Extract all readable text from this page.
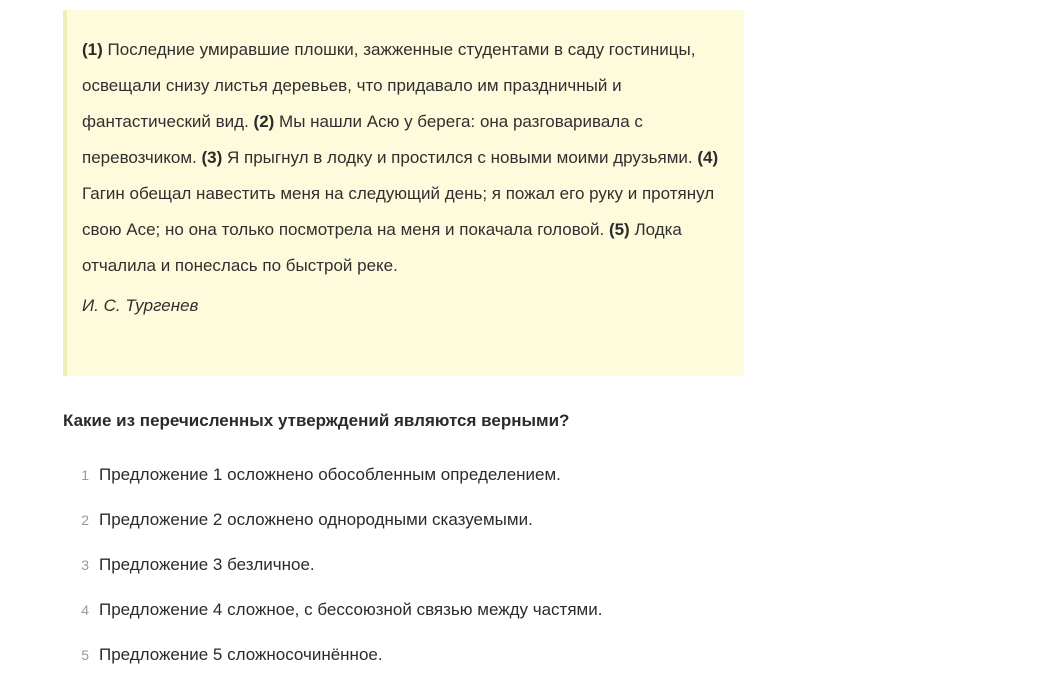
(1) Последние умиравшие плошки, зажженные студентами в саду гостиницы, освещали снизу листья деревьев, что придавало им праздничный и фантастический вид. (2) Мы нашли Асю у берега: она разговаривала с перевозчиком. (3) Я прыгнул в лодку и простился с новыми моими друзьями. (4) Гагин обещал навестить меня на следующий день; я пожал его руку и протянул свою Асе; но она только посмотрела на меня и покачала головой. (5) Лодка отчалила и понеслась по быстрой реке.

И. С. Тургенев
Какие из перечисленных утверждений являются верными?
1 Предложение 1 осложнено обособленным определением.
2 Предложение 2 осложнено однородными сказуемыми.
3 Предложение 3 безличное.
4 Предложение 4 сложное, с бессоюзной связью между частями.
5 Предложение 5 сложносочинённое.
